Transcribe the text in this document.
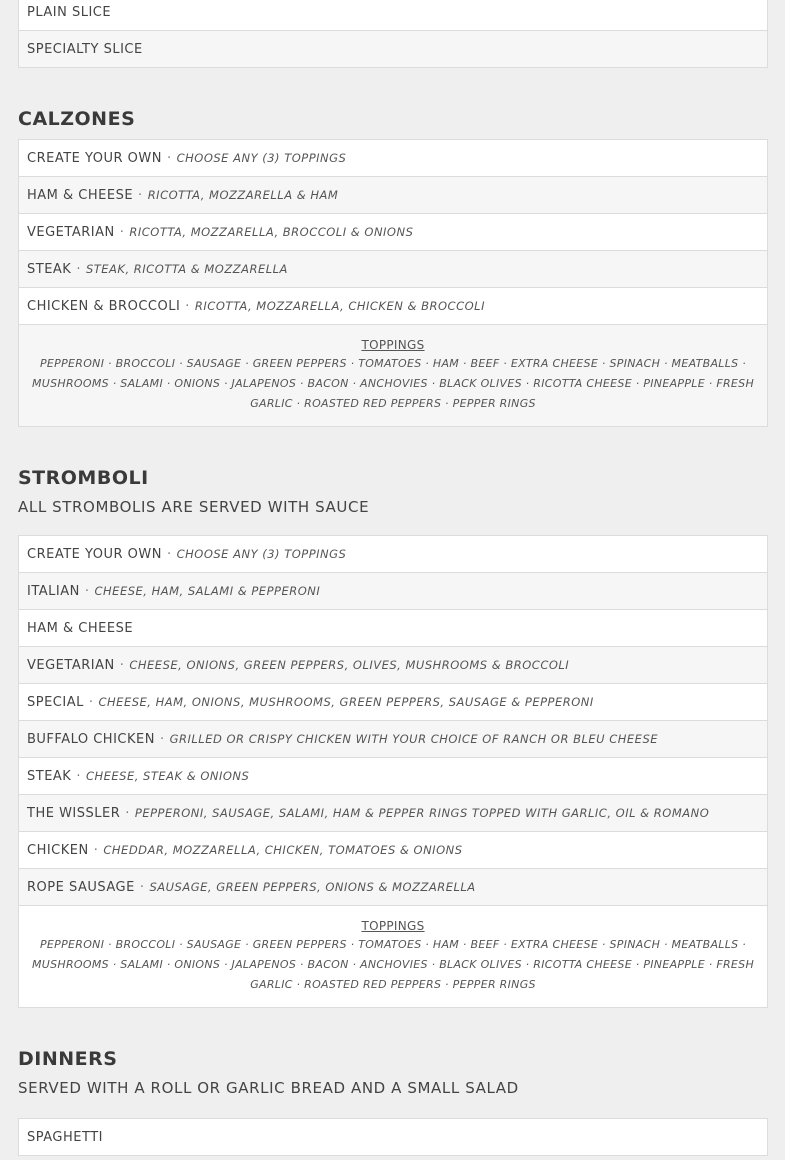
PLAIN SLICE
SPECIALTY SLICE
CALZONES
CREATE YOUR OWN · CHOOSE ANY (3) TOPPINGS
HAM & CHEESE · RICOTTA, MOZZARELLA & HAM
VEGETARIAN · RICOTTA, MOZZARELLA, BROCCOLI & ONIONS
STEAK · STEAK, RICOTTA & MOZZARELLA
CHICKEN & BROCCOLI · RICOTTA, MOZZARELLA, CHICKEN & BROCCOLI
TOPPINGS
PEPPERONI · BROCCOLI · SAUSAGE · GREEN PEPPERS · TOMATOES · HAM · BEEF · EXTRA CHEESE · SPINACH · MEATBALLS ·
MUSHROOMS · SALAMI · ONIONS · JALAPENOS · BACON · ANCHOVIES · BLACK OLIVES · RICOTTA CHEESE · PINEAPPLE · FRESH
GARLIC · ROASTED RED PEPPERS · PEPPER RINGS
STROMBOLI

ALL STROMBOLIS ARE SERVED WITH SAUCE

CREATE YOUR OWN · CHOOSE ANY (3) TOPPINGS
ITALIAN · CHEESE, HAM, SALAMI & PEPPERONI
HAM & CHEESE
VEGETARIAN · CHEESE, ONIONS, GREEN PEPPERS, OLIVES, MUSHROOMS & BROCCOLI
SPECIAL · CHEESE, HAM, ONIONS, MUSHROOMS, GREEN PEPPERS, SAUSAGE & PEPPERONI
BUFFALO CHICKEN · GRILLED OR CRISPY CHICKEN WITH YOUR CHOICE OF RANCH OR BLEU CHEESE
STEAK · CHEESE, STEAK & ONIONS
THE WISSLER · PEPPERONI, SAUSAGE, SALAMI, HAM & PEPPER RINGS TOPPED WITH GARLIC, OIL & ROMANO
CHICKEN · CHEDDAR, MOZZARELLA, CHICKEN, TOMATOES & ONIONS
ROPE SAUSAGE · SAUSAGE, GREEN PEPPERS, ONIONS & MOZZARELLA
TOPPINGS
PEPPERONI · BROCCOLI · SAUSAGE · GREEN PEPPERS · TOMATOES · HAM · BEEF · EXTRA CHEESE · SPINACH · MEATBALLS ·
MUSHROOMS · SALAMI · ONIONS · JALAPENOS · BACON · ANCHOVIES · BLACK OLIVES · RICOTTA CHEESE · PINEAPPLE · FRESH
GARLIC · ROASTED RED PEPPERS · PEPPER RINGS
DINNERS

SERVED WITH A ROLL OR GARLIC BREAD AND A SMALL SALAD

SPAGHETTI
